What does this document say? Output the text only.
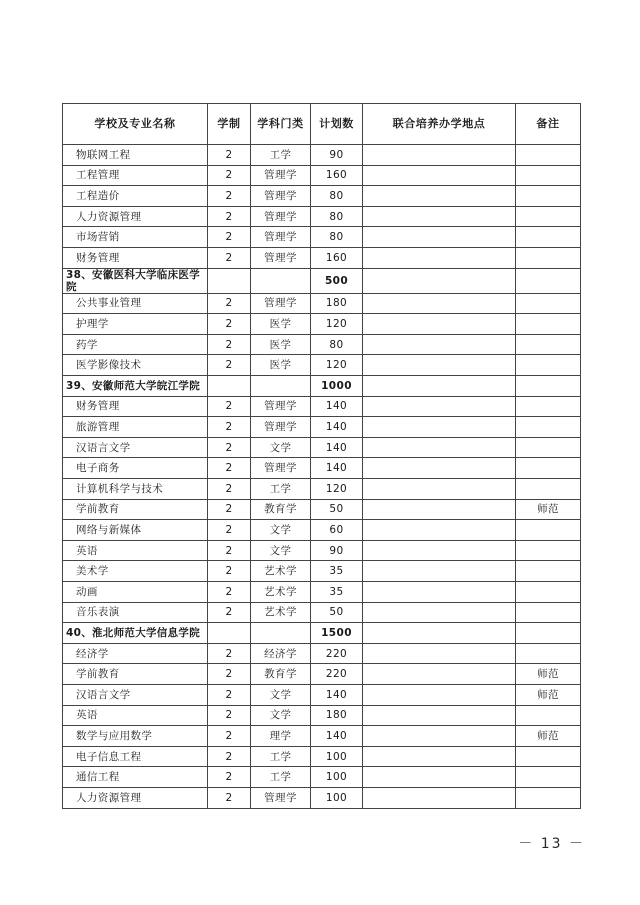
学校及专业名称	学制	学科门类	计划数	联合培养办学地点	备注
物联网工程	2	工学	90		
工程管理	2	管理学	160		
工程造价	2	管理学	80		
人力资源管理	2	管理学	80		
市场营销	2	管理学	80		
财务管理	2	管理学	160		
38、安徽医科大学临床医学院			500		
公共事业管理	2	管理学	180		
护理学	2	医学	120		
药学	2	医学	80		
医学影像技术	2	医学	120		
39、安徽师范大学皖江学院			1000		
财务管理	2	管理学	140		
旅游管理	2	管理学	140		
汉语言文学	2	文学	140		
电子商务	2	管理学	140		
计算机科学与技术	2	工学	120		
学前教育	2	教育学	50		师范
网络与新媒体	2	文学	60		
英语	2	文学	90		
美术学	2	艺术学	35		
动画	2	艺术学	35		
音乐表演	2	艺术学	50		
40、淮北师范大学信息学院			1500		
经济学	2	经济学	220		
学前教育	2	教育学	220		师范
汉语言文学	2	文学	140		师范
英语	2	文学	180		
数学与应用数学	2	理学	140		师范
电子信息工程	2	工学	100		
通信工程	2	工学	100		
人力资源管理	2	管理学	100		
－ 13 －
